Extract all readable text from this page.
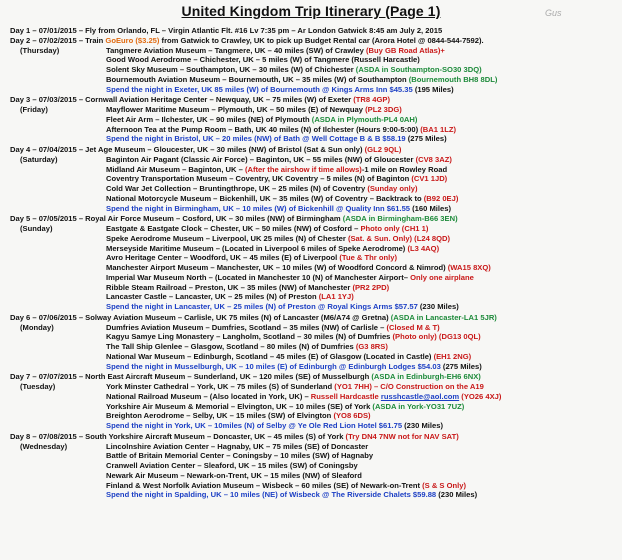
United Kingdom Trip Itinerary (Page 1)	Gus
Day 1 – 07/01/2015 – Fly from Orlando, FL – Virgin Atlantic Flt. #16 Lv 7:35 pm – Ar London Gatwick 8:45 am July 2, 2015
Day 2 – 07/02/2015 – Train GoEuro ($3.25) from Gatwick to Crawley, UK to pick up Budget Rental car (Arora Hotel @ 0844-544-7592).
(Thursday)	Tangmere Aviation Museum – Tangmere, UK – 40 miles (SW) of Crawley (Buy GB Road Atlas)+
Good Wood Aerodrome – Chichester, UK – 5 miles (W) of Tangmere (Russell Harcastle)
Solent Sky Museum – Southampton, UK – 30 miles (W) of Chichester (ASDA in Southampton-SO30 3DQ)
Bournemouth Aviation Museum – Bournemouth, UK – 35 miles (W) of Southampton (Bournemouth BH8 8DL)
Spend the night in Exeter, UK 85 miles (W) of Bournemouth @ Kings Arms Inn $45.35 (195 Miles)
Day 3 – 07/03/2015 – Cornwall Aviation Heritage Center – Newquay, UK – 75 miles (W) of Exeter (TR8 4GP)
(Friday)	Mayflower Maritime Museum – Plymouth, UK – 50 miles (E) of Newquay (PL2 3DG)
Fleet Air Arm – Ilchester, UK – 90 miles (NE) of Plymouth (ASDA in Plymouth-PL4 0AH)
Afternoon Tea at the Pump Room – Bath, UK 40 miles (N) of Ilchester (Hours 9:00-5:00) (BA1 1LZ)
Spend the night in Bristol, UK – 20 miles (NW) of Bath @ Well Cottage B & B $58.19 (275 Miles)
Day 4 – 07/04/2015 – Jet Age Museum – Gloucester, UK – 30 miles (NW) of Bristol (Sat & Sun only) (GL2 9QL)
(Saturday)	Baginton Air Pagant (Classic Air Force) – Baginton, UK – 55 miles (NW) of Gloucester (CV8 3AZ)
Midland Air Museum – Baginton, UK – (After the airshow if time allows)-1 mile on Rowley Road
Coventry Transportation Museum – Coventry, UK Coventry – 5 miles (N) of Baginton (CV1 1JD)
Cold War Jet Collection – Bruntingthrope, UK – 25 miles (N) of Coventry (Sunday only)
National Motorcycle Museum – Bickenhill, UK – 35 miles (W) of Coventry – Backtrack to (B92 0EJ)
Spend the night in Birmingham, UK – 10 miles (W) of Bickenhill @ Quality Inn $61.55 (160 Miles)
Day 5 – 07/05/2015 – Royal Air Force Museum – Cosford, UK – 30 miles (NW) of Birmingham (ASDA in Birmingham-B66 3EN)
(Sunday)	Eastgate & Eastgate Clock – Chester, UK – 50 miles (NW) of Cosford – Photo only (CH1 1)
Speke Aerodrome Museum – Liverpool, UK 25 miles (N) of Chester (Sat. & Sun. Only) (L24 8QD)
Merseyside Maritime Museum – (Located in Liverpool 6 miles of Speke Aerodrome) (L3 4AQ)
Avro Heritage Center – Woodford, UK – 45 miles (E) of Liverpool (Tue & Thr only)
Manchester Airport Museum – Manchester, UK – 10 miles (W) of Woodford Concord & Nimrod) (WA15 8XQ)
Imperial War Museum North – (Located in Manchester 10 (N) of Manchester Airport– Only one airplane
Ribble Steam Railroad – Preston, UK – 35 miles (NW) of Manchester (PR2 2PD)
Lancaster Castle – Lancaster, UK – 25 miles (N) of Preston (LA1 1YJ)
Spend the night in Lancaster, UK – 25 miles (N) of Preston @ Royal Kings Arms $57.57 (230 Miles)
Day 6 – 07/06/2015 – Solway Aviation Museum – Carlisle, UK 75 miles (N) of Lancaster (M6/A74 @ Gretna) (ASDA in Lancaster-LA1 5JR)
(Monday)	Dumfries Aviation Museum – Dumfries, Scotland – 35 miles (NW) of Carlisle – (Closed M & T)
Kagyu Samye Ling Monastery – Langholm, Scotland – 30 miles (N) of Dumfries (Photo only) (DG13 0QL)
The Tall Ship Glenlee – Glasgow, Scotland – 80 miles (N) of Dumfries (G3 8RS)
National War Museum – Edinburgh, Scotland – 45 miles (E) of Glasgow (Located in Castle) (EH1 2NG)
Spend the night in Musselburgh, UK – 10 miles (E) of Edinburgh @ Edinburgh Lodges $54.03 (275 Miles)
Day 7 – 07/07/2015 – North East Aircraft Museum – Sunderland, UK – 120 miles (SE) of Musselburgh (ASDA in Edinburgh-EH6 6NX)
(Tuesday)	York Minster Cathedral – York, UK – 75 miles (S) of Sunderland (YO1 7HH) – C/O Construction on the A19
National Railroad Museum – (Also located in York, UK) – Russell Hardcastle russhcastle@aol.com (YO26 4XJ)
Yorkshire Air Museum & Memorial – Elvington, UK – 10 miles (SE) of York (ASDA in York-YO31 7UZ)
Breighton Aerodrome – Selby, UK – 15 miles (SW) of Elvington (YO8 6DS)
Spend the night in York, UK – 10miles (N) of Selby @ Ye Ole Red Lion Hotel $61.75 (230 Miles)
Day 8 – 07/08/2015 – South Yorkshire Aircraft Museum – Doncaster, UK – 45 miles (S) of York (Try DN4 7NW not for NAV SAT)
(Wednesday)	Lincolnshire Aviation Center – Hagnaby, UK – 75 miles (SE) of Doncaster
Battle of Britain Memorial Center – Coningsby – 10 miles (SW) of Hagnaby
Cranwell Aviation Center – Sleaford, UK – 15 miles (SW) of Coningsby
Newark Air Museum – Newark-on-Trent, UK – 15 miles (NW) of Sleaford
Finland & West Norfolk Aviation Museum – Wisbeck – 60 miles (SE) of Newark-on-Trent (S & S Only)
Spend the night in Spalding, UK – 10 miles (NE) of Wisbeck @ The Riverside Chalets $59.88 (230 Miles)
